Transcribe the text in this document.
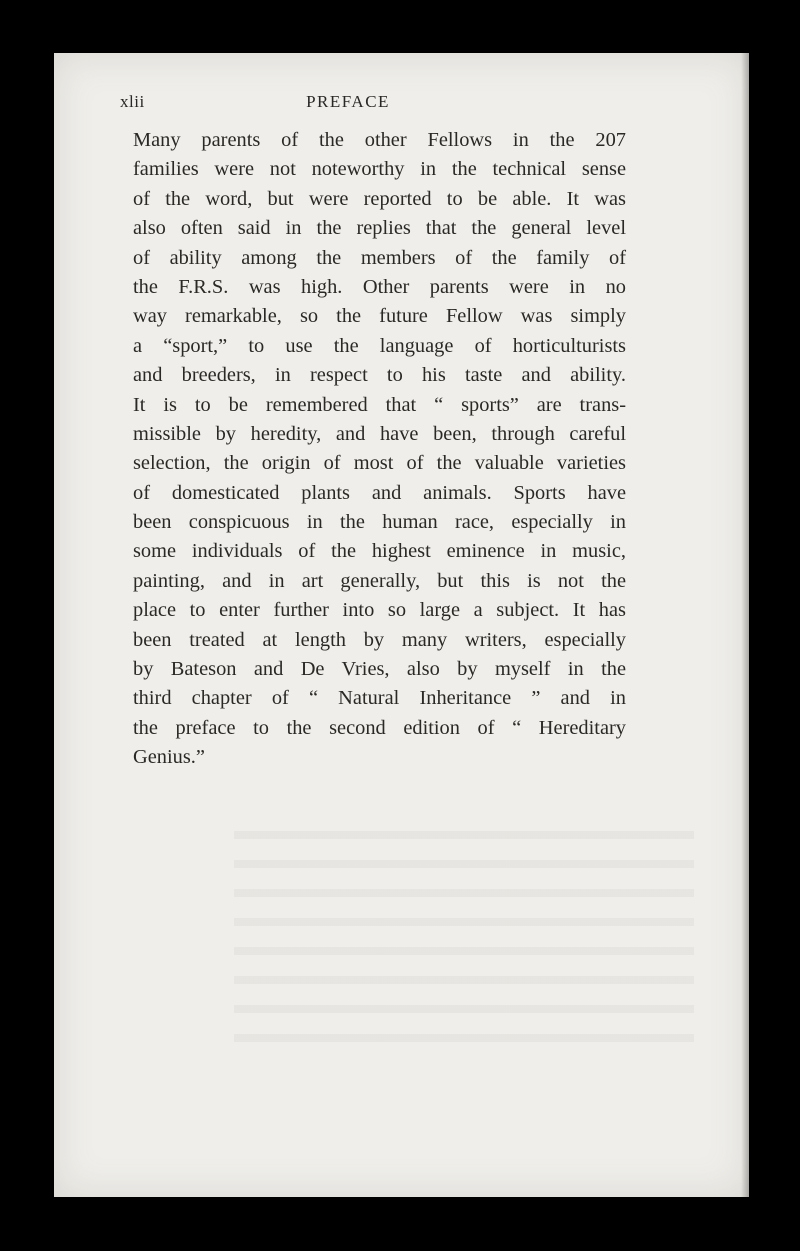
xlii	PREFACE
Many parents of the other Fellows in the 207
families were not noteworthy in the technical sense
of the word, but were reported to be able. It was
also often said in the replies that the general level
of ability among the members of the family of
the F.R.S. was high. Other parents were in no
way remarkable, so the future Fellow was simply
a “sport,” to use the language of horticulturists
and breeders, in respect to his taste and ability.
It is to be remembered that “ sports” are trans-
missible by heredity, and have been, through careful
selection, the origin of most of the valuable varieties
of domesticated plants and animals. Sports have
been conspicuous in the human race, especially in
some individuals of the highest eminence in music,
painting, and in art generally, but this is not the
place to enter further into so large a subject. It has
been treated at length by many writers, especially
by Bateson and De Vries, also by myself in the
third chapter of “ Natural Inheritance ” and in
the preface to the second edition of “ Hereditary
Genius.”
